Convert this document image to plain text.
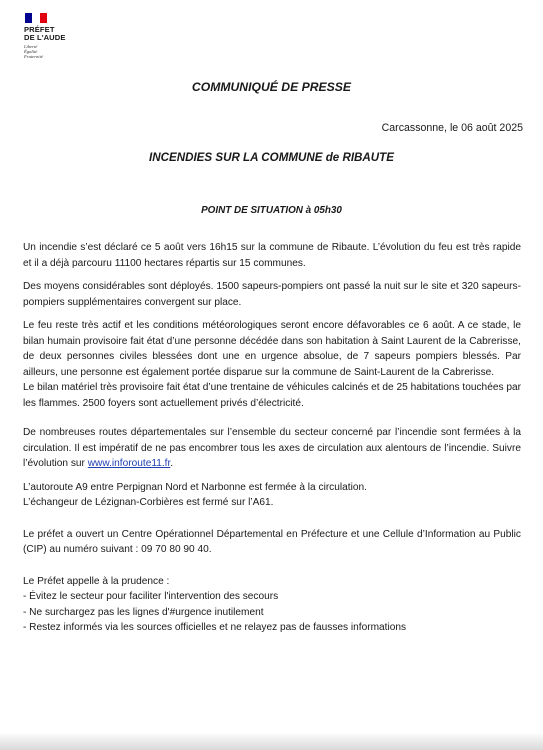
PRÉFET
DE L'AUDE
Liberté
Égalité
Fraternité
COMMUNIQUÉ DE PRESSE
Carcassonne, le 06 août 2025
INCENDIES SUR LA COMMUNE de RIBAUTE
POINT DE SITUATION à 05h30

Un incendie s’est déclaré ce 5 août vers 16h15 sur la commune de Ribaute. L’évolution du feu est très rapide et il a déjà parcouru 11100 hectares répartis sur 15 communes.

Des moyens considérables sont déployés. 1500 sapeurs-pompiers ont passé la nuit sur le site et 320 sapeurs-pompiers supplémentaires convergent sur place.

Le feu reste très actif et les conditions météorologiques seront encore défavorables ce 6 août. A ce stade, le bilan humain provisoire fait état d’une personne décédée dans son habitation à Saint Laurent de la Cabrerisse, de deux personnes civiles blessées dont une en urgence absolue, de 7 sapeurs pompiers blessés. Par ailleurs, une personne est également portée disparue sur la commune de Saint-Laurent de la Cabrerisse.

Le bilan matériel très provisoire fait état d’une trentaine de véhicules calcinés et de 25 habitations touchées par les flammes. 2500 foyers sont actuellement privés d’électricité.

De nombreuses routes départementales sur l’ensemble du secteur concerné par l’incendie sont fermées à la circulation. Il est impératif de ne pas encombrer tous les axes de circulation aux alentours de l’incendie. Suivre l’évolution sur www.inforoute11.fr.

L’autoroute A9 entre Perpignan Nord et Narbonne est fermée à la circulation.

L’échangeur de Lézignan-Corbières est fermé sur l’A61.

Le préfet a ouvert un Centre Opérationnel Départemental en Préfecture et une Cellule d’Information au Public (CIP) au numéro suivant : 09 70 80 90 40.

Le Préfet appelle à la prudence :
- Évitez le secteur pour faciliter l'intervention des secours
- Ne surchargez pas les lignes d'#urgence inutilement
- Restez informés via les sources officielles et ne relayez pas de fausses informations
